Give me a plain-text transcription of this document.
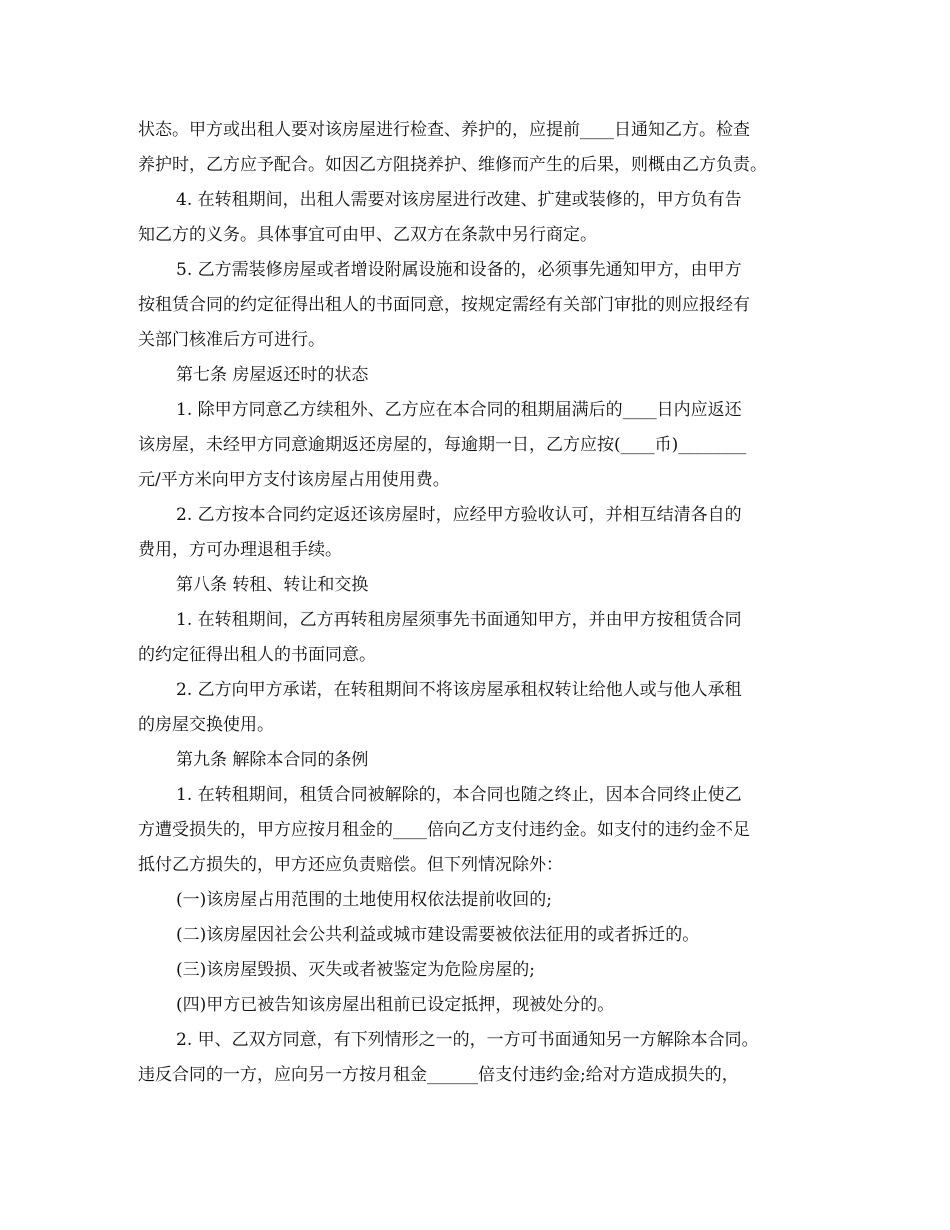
状态。甲方或出租人要对该房屋进行检查、养护的，应提前____日通知乙方。检查
养护时，乙方应予配合。如因乙方阻挠养护、维修而产生的后果，则概由乙方负责。
4. 在转租期间，出租人需要对该房屋进行改建、扩建或装修的，甲方负有告
知乙方的义务。具体事宜可由甲、乙双方在条款中另行商定。
5. 乙方需装修房屋或者增设附属设施和设备的，必须事先通知甲方，由甲方
按租赁合同的约定征得出租人的书面同意，按规定需经有关部门审批的则应报经有
关部门核准后方可进行。
第七条 房屋返还时的状态
1. 除甲方同意乙方续租外、乙方应在本合同的租期届满后的____日内应返还
该房屋，未经甲方同意逾期返还房屋的，每逾期一日，乙方应按(____币)________
元/平方米向甲方支付该房屋占用使用费。
2. 乙方按本合同约定返还该房屋时，应经甲方验收认可，并相互结清各自的
费用，方可办理退租手续。
第八条 转租、转让和交换
1. 在转租期间，乙方再转租房屋须事先书面通知甲方，并由甲方按租赁合同
的约定征得出租人的书面同意。
2. 乙方向甲方承诺，在转租期间不将该房屋承租权转让给他人或与他人承租
的房屋交换使用。
第九条 解除本合同的条例
1. 在转租期间，租赁合同被解除的，本合同也随之终止，因本合同终止使乙
方遭受损失的，甲方应按月租金的____倍向乙方支付违约金。如支付的违约金不足
抵付乙方损失的，甲方还应负责赔偿。但下列情况除外：
(一)该房屋占用范围的土地使用权依法提前收回的;
(二)该房屋因社会公共利益或城市建设需要被依法征用的或者拆迁的。
(三)该房屋毁损、灭失或者被鉴定为危险房屋的;
(四)甲方已被告知该房屋出租前已设定抵押，现被处分的。
2. 甲、乙双方同意，有下列情形之一的，一方可书面通知另一方解除本合同。
违反合同的一方，应向另一方按月租金______倍支付违约金;给对方造成损失的，
